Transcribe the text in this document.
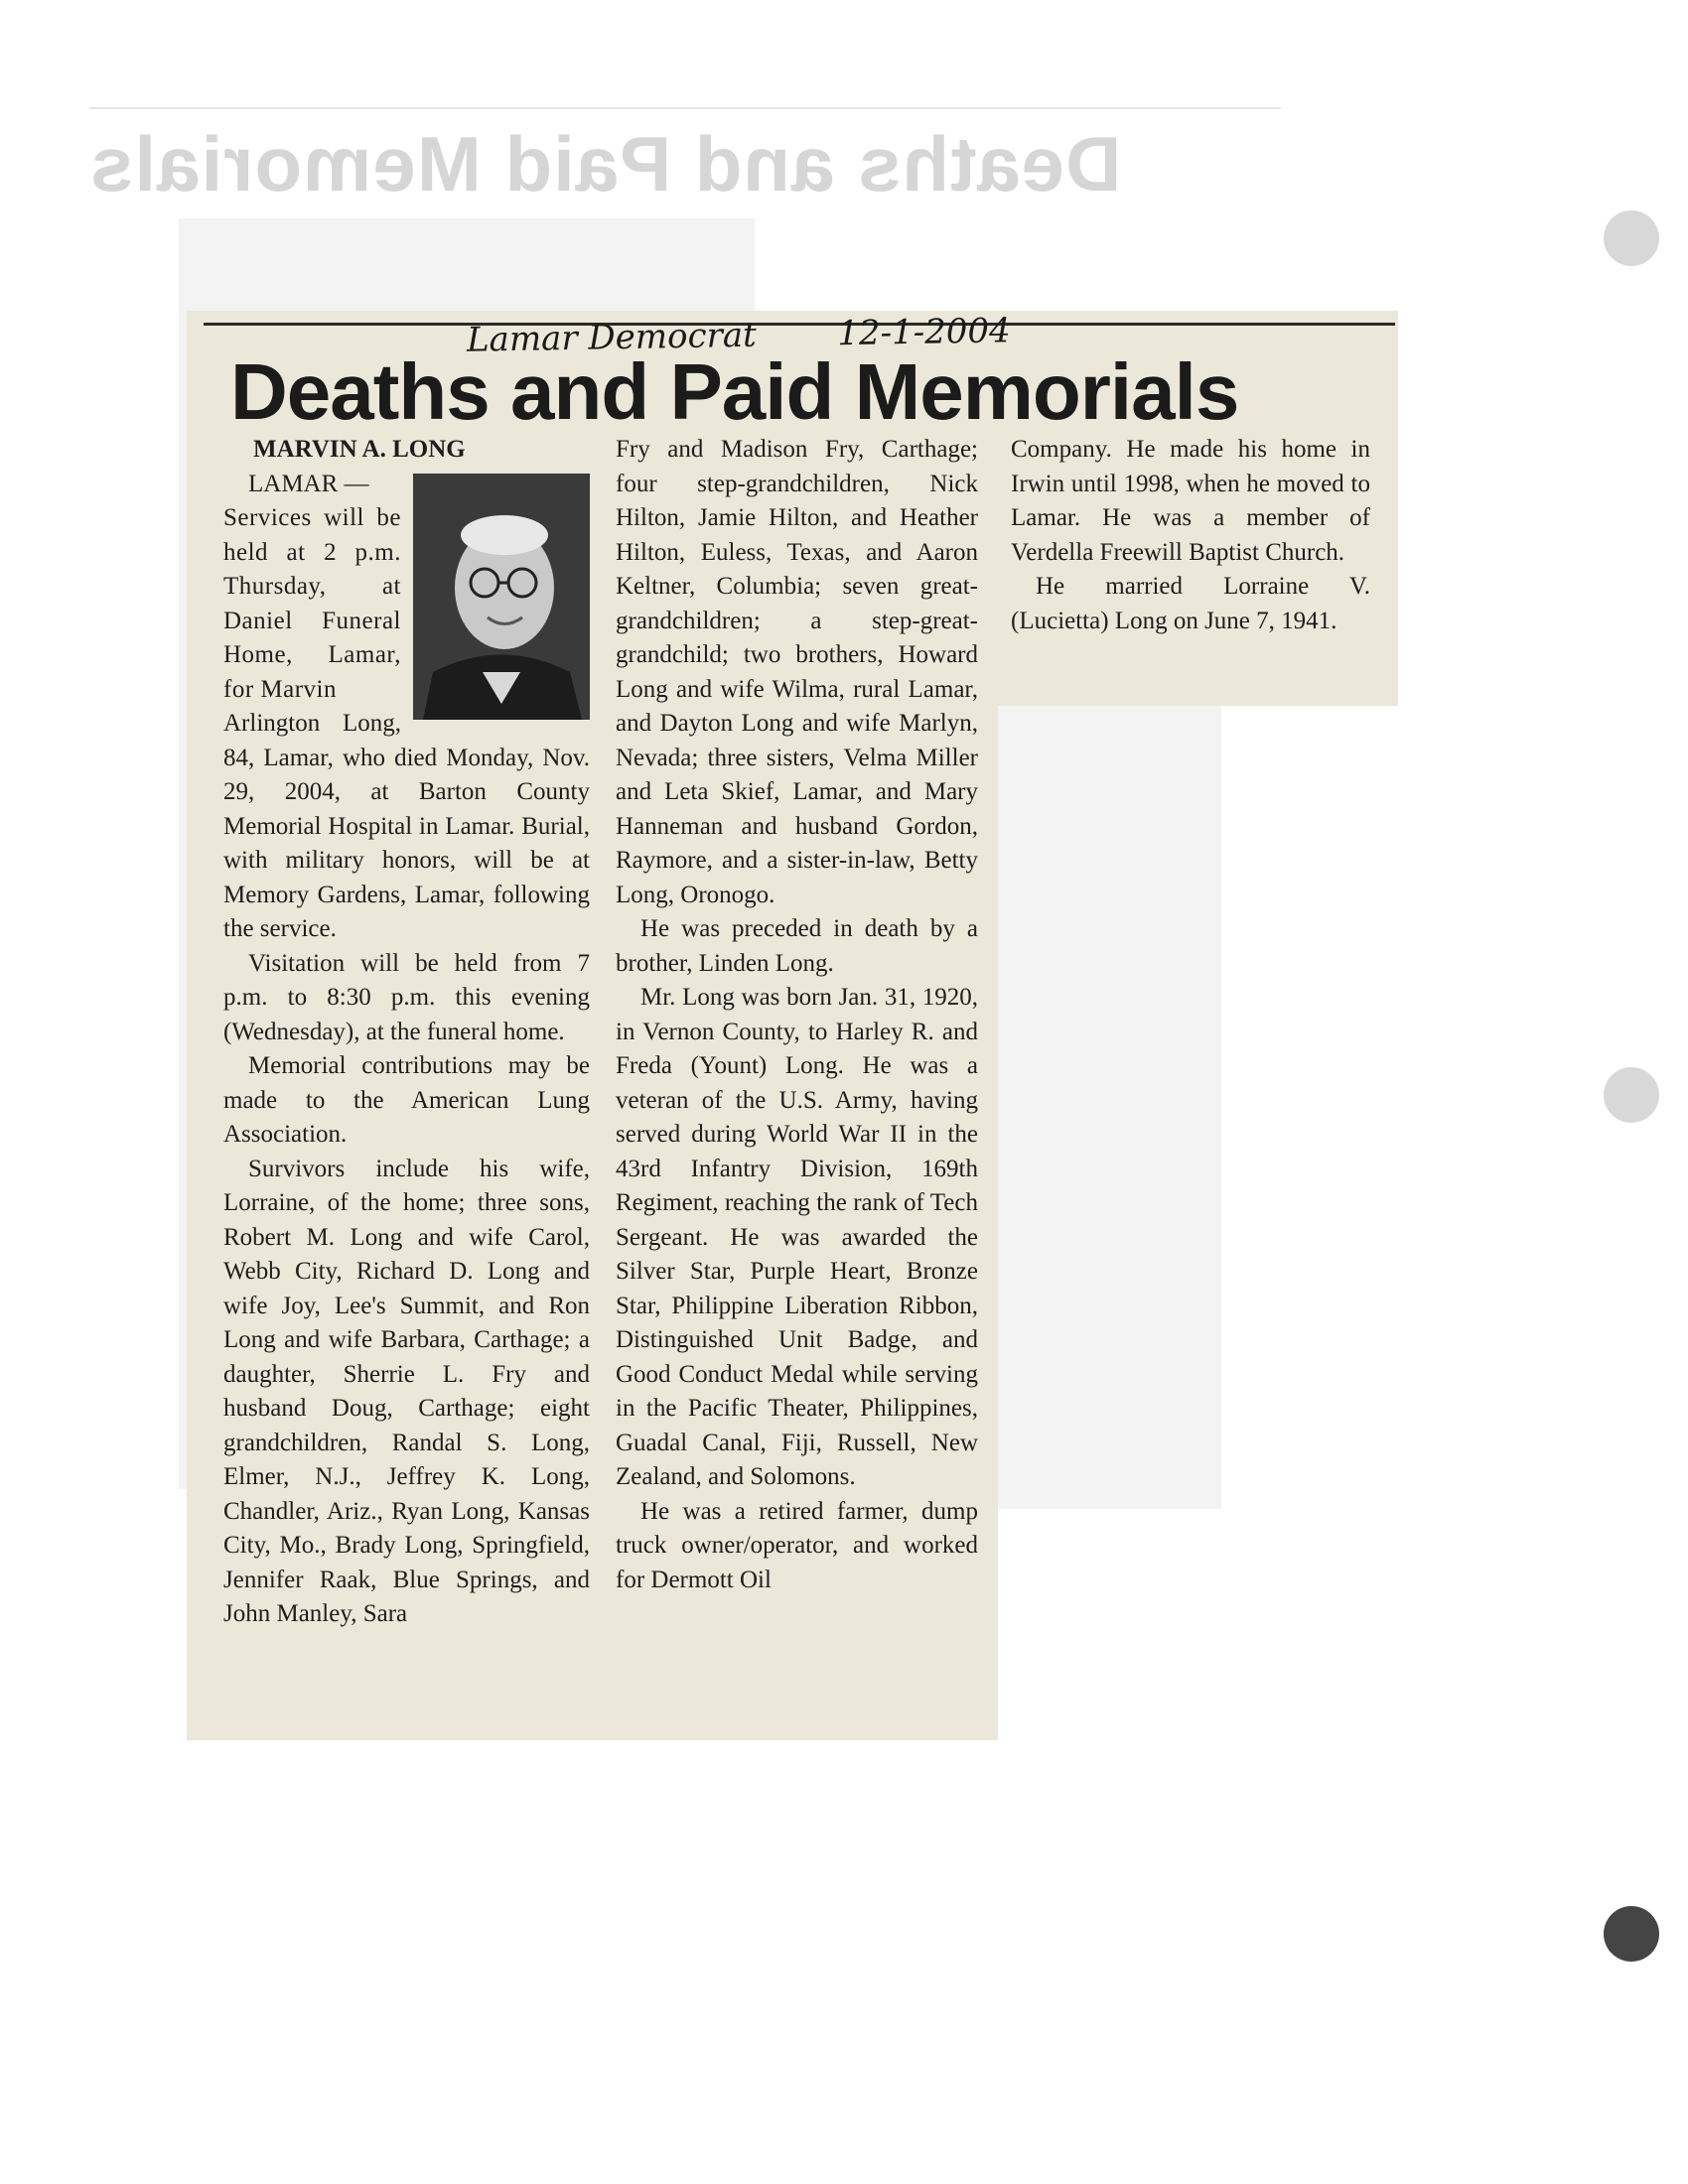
Deaths and Paid Memorials
Lamar Democrat 12-1-2004
Deaths and Paid Memorials

MARVIN A. LONG

LAMAR —

Services will be held at 2 p.m. Thursday, at Daniel Funeral Home, Lamar, for Marvin

Arlington Long, 84, Lamar, who died Monday, Nov. 29, 2004, at Barton County Memorial Hospital in Lamar. Burial, with military honors, will be at Memory Gardens, Lamar, following the service.

Visitation will be held from 7 p.m. to 8:30 p.m. this evening (Wednesday), at the funeral home.

Memorial contributions may be made to the American Lung Association.

Survivors include his wife, Lorraine, of the home; three sons, Robert M. Long and wife Carol, Webb City, Richard D. Long and wife Joy, Lee's Summit, and Ron Long and wife Barbara, Carthage; a daughter, Sherrie L. Fry and husband Doug, Carthage; eight grandchildren, Randal S. Long, Elmer, N.J., Jeffrey K. Long, Chandler, Ariz., Ryan Long, Kansas City, Mo., Brady Long, Springfield, Jennifer Raak, Blue Springs, and John Manley, Sara

Fry and Madison Fry, Carthage; four step-grandchildren, Nick Hilton, Jamie Hilton, and Heather Hilton, Euless, Texas, and Aaron Keltner, Columbia; seven great-grandchildren; a step-great-grandchild; two brothers, Howard Long and wife Wilma, rural Lamar, and Dayton Long and wife Marlyn, Nevada; three sisters, Velma Miller and Leta Skief, Lamar, and Mary Hanneman and husband Gordon, Raymore, and a sister-in-law, Betty Long, Oronogo.

He was preceded in death by a brother, Linden Long.

Mr. Long was born Jan. 31, 1920, in Vernon County, to Harley R. and Freda (Yount) Long. He was a veteran of the U.S. Army, having served during World War II in the 43rd Infantry Division, 169th Regiment, reaching the rank of Tech Sergeant. He was awarded the Silver Star, Purple Heart, Bronze Star, Philippine Liberation Ribbon, Distinguished Unit Badge, and Good Conduct Medal while serving in the Pacific Theater, Philippines, Guadal Canal, Fiji, Russell, New Zealand, and Solomons.

He was a retired farmer, dump truck owner/operator, and worked for Dermott Oil

Company. He made his home in Irwin until 1998, when he moved to Lamar. He was a member of Verdella Freewill Baptist Church.

He married Lorraine V. (Lucietta) Long on June 7, 1941.
